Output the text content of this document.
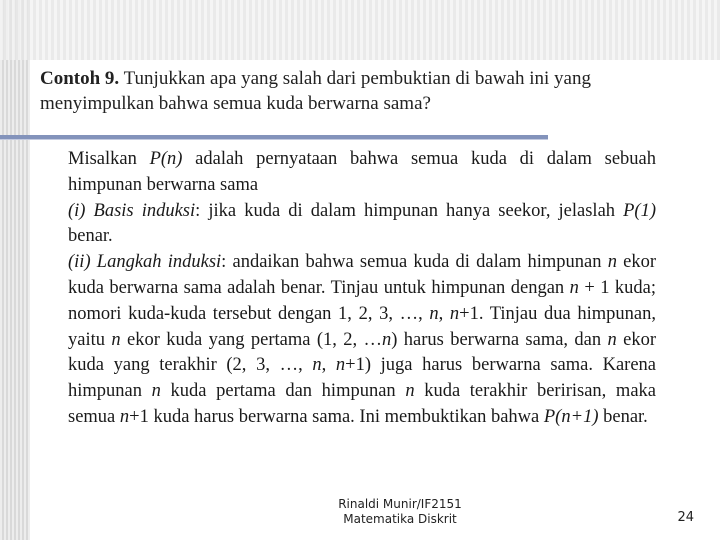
Contoh 9. Tunjukkan apa yang salah dari pembuktian di bawah ini yang menyimpulkan bahwa semua kuda berwarna sama?

Misalkan P(n) adalah pernyataan bahwa semua kuda di dalam sebuah himpunan berwarna sama

(i) Basis induksi: jika kuda di dalam himpunan hanya seekor, jelaslah P(1) benar.

(ii) Langkah induksi: andaikan bahwa semua kuda di dalam himpunan n ekor kuda berwarna sama adalah benar. Tinjau untuk himpunan dengan n + 1 kuda; nomori kuda-kuda tersebut dengan 1, 2, 3, …, n, n+1. Tinjau dua himpunan, yaitu n ekor kuda yang pertama (1, 2, …n) harus berwarna sama, dan n ekor kuda yang terakhir (2, 3, …, n, n+1) juga harus berwarna sama. Karena himpunan n kuda pertama dan himpunan n kuda terakhir beririsan, maka semua n+1 kuda harus berwarna sama. Ini membuktikan bahwa P(n+1) benar.

Rinaldi Munir/IF2151
Matematika Diskrit	24
